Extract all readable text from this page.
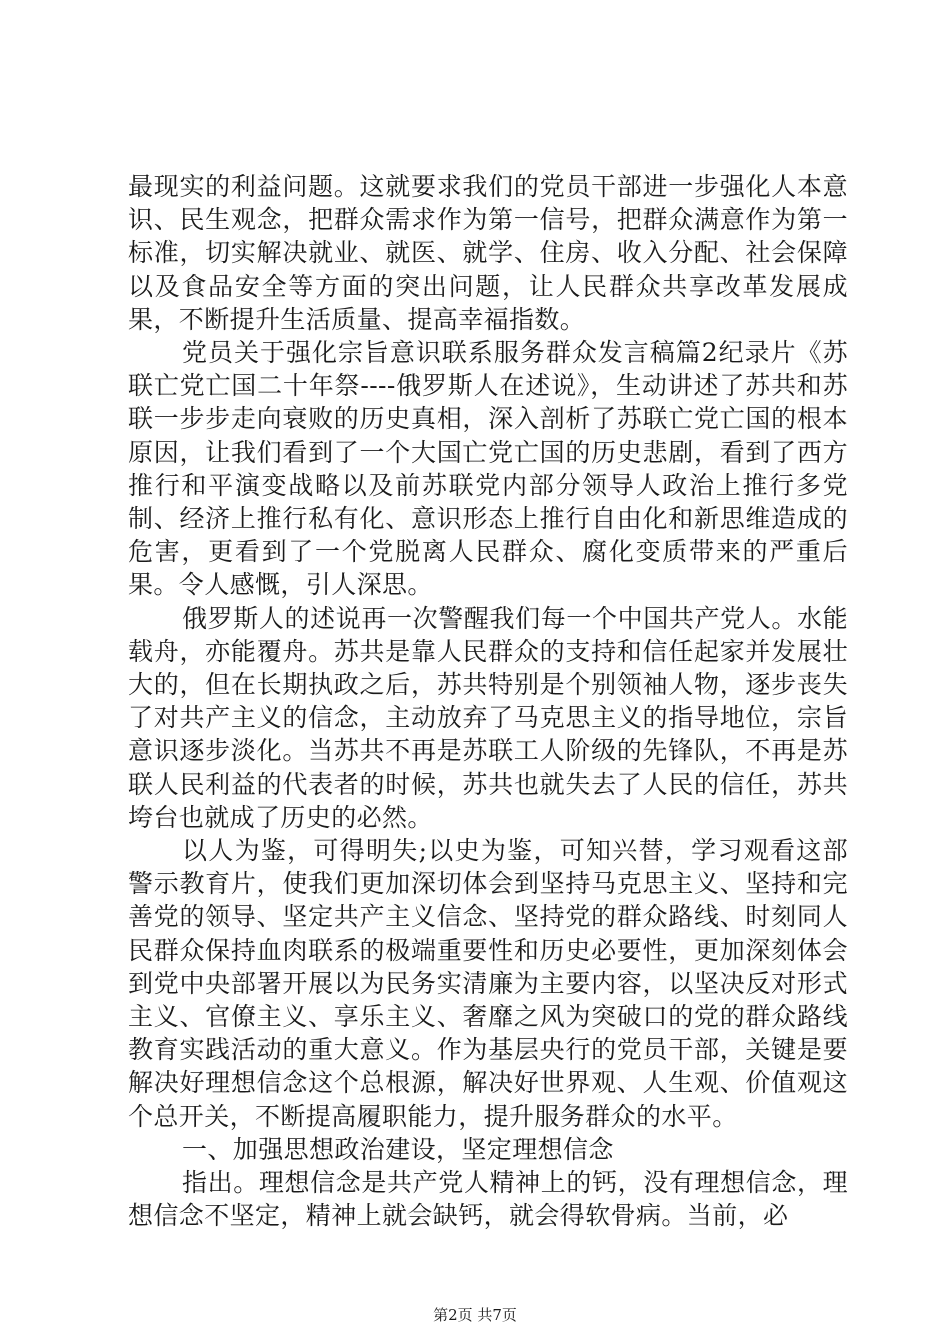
最现实的利益问题。这就要求我们的党员干部进一步强化人本意识、民生观念，把群众需求作为第一信号，把群众满意作为第一标准，切实解决就业、就医、就学、住房、收入分配、社会保障以及食品安全等方面的突出问题，让人民群众共享改革发展成果，不断提升生活质量、提高幸福指数。

党员关于强化宗旨意识联系服务群众发言稿篇2纪录片《苏联亡党亡国二十年祭----俄罗斯人在述说》，生动讲述了苏共和苏联一步步走向衰败的历史真相，深入剖析了苏联亡党亡国的根本原因，让我们看到了一个大国亡党亡国的历史悲剧，看到了西方推行和平演变战略以及前苏联党内部分领导人政治上推行多党制、经济上推行私有化、意识形态上推行自由化和新思维造成的危害，更看到了一个党脱离人民群众、腐化变质带来的严重后果。令人感慨，引人深思。

俄罗斯人的述说再一次警醒我们每一个中国共产党人。水能载舟，亦能覆舟。苏共是靠人民群众的支持和信任起家并发展壮大的，但在长期执政之后，苏共特别是个别领袖人物，逐步丧失了对共产主义的信念，主动放弃了马克思主义的指导地位，宗旨意识逐步淡化。当苏共不再是苏联工人阶级的先锋队，不再是苏联人民利益的代表者的时候，苏共也就失去了人民的信任，苏共垮台也就成了历史的必然。

以人为鉴，可得明失;以史为鉴，可知兴替，学习观看这部警示教育片，使我们更加深切体会到坚持马克思主义、坚持和完善党的领导、坚定共产主义信念、坚持党的群众路线、时刻同人民群众保持血肉联系的极端重要性和历史必要性，更加深刻体会到党中央部署开展以为民务实清廉为主要内容，以坚决反对形式主义、官僚主义、享乐主义、奢靡之风为突破口的党的群众路线教育实践活动的重大意义。作为基层央行的党员干部，关键是要解决好理想信念这个总根源，解决好世界观、人生观、价值观这个总开关，不断提高履职能力，提升服务群众的水平。

一、加强思想政治建设，坚定理想信念

指出。理想信念是共产党人精神上的钙，没有理想信念，理想信念不坚定，精神上就会缺钙，就会得软骨病。当前，必

第2页 共7页
